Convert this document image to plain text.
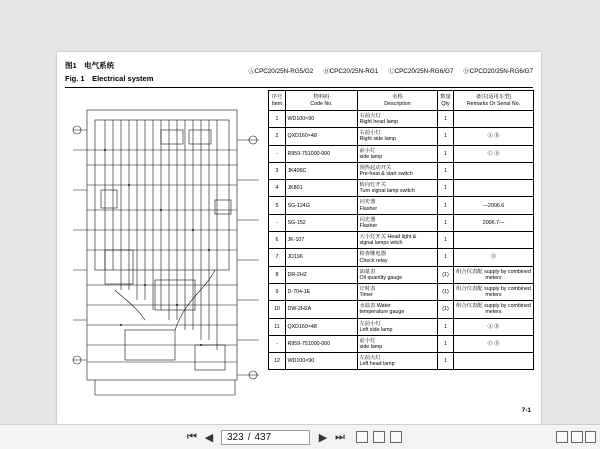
图1　电气系统
Fig. 1　Electrical system
ⒶCPC20/25N-RG5/G2 ⒷCPC20/25N-RG1 ⒸCPC20/25N-RG6/G7 ⒹCPCD20/25N-RG6/G7
序号
Item	物料码
Code No.	名称
Description	数量
Qty	备注(适用车型)
Remarks Or Serial No.
1	WD100×90	右前大灯
Right head lamp	1	
2	QXD160×48	右前小灯
Right side lamp	1	Ⓐ Ⓑ
-	R959-751000-000	前小灯
side lamp	1	Ⓒ Ⓓ
3	JK406C	预热起动开关
Pre-heat & start switch	1	
4	JK801	转向灯开关
Turn signal lamp switch	1	
5	SG-124G	闪光器
Flasher	1	—2006.6
-	SG-152	闪光器
Flasher	1	2006.7—
6	JK-107	大小灯开关 Head light &
signal lamps witch	1	
7	JD196	检查继电器
Check relay	1	Ⓓ
8	DR-2HZ	油量表
Oil quantity gauge	(1)	组合仪表配 supply by combined meters
9	D-704-1E	计时表
Timer	(1)	组合仪表配 supply by combined meters
10	DW-2H2A	水温表 Water
temperature gauge	(1)	组合仪表配 supply by combined meters
11	QXD160×48	左前小灯
Left side lamp	1	Ⓐ Ⓑ
-	R959-751000-000	前小灯
side lamp	1	Ⓒ Ⓓ
12	WD100×90	左前大灯
Left head lamp	1	
7-1
⏮ ◀ 323 / 437	▶ ⏭
